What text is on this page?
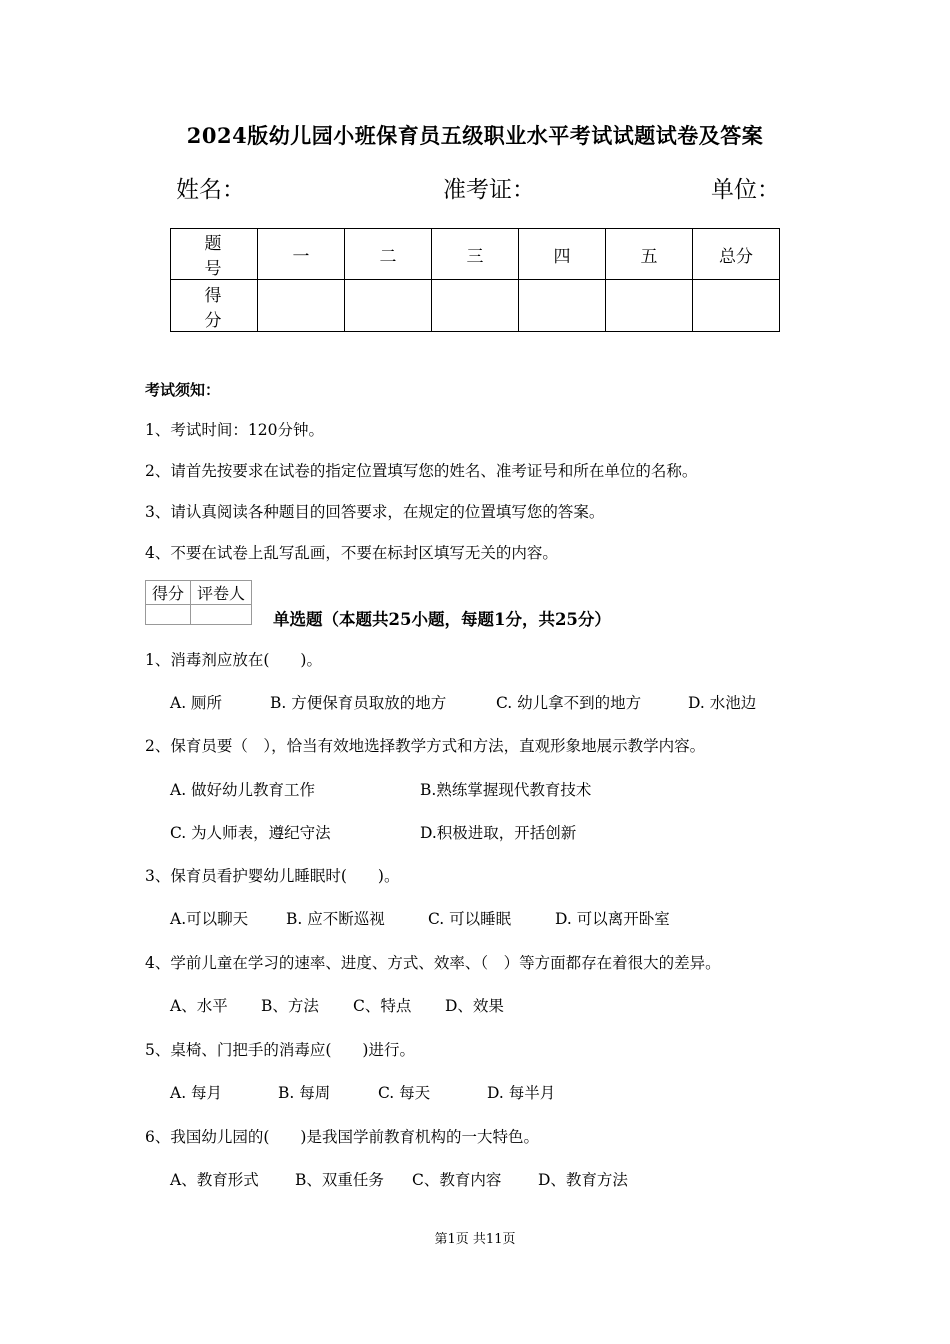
2024版幼儿园小班保育员五级职业水平考试试题试卷及答案
姓名：	准考证：	单位：
题　号	一	二	三	四	五	总分
得　分						
考试须知：
1、考试时间：120分钟。
2、请首先按要求在试卷的指定位置填写您的姓名、准考证号和所在单位的名称。
3、请认真阅读各种题目的回答要求，在规定的位置填写您的答案。
4、不要在试卷上乱写乱画，不要在标封区填写无关的内容。
得分	评卷人

单选题（本题共25小题，每题1分，共25分）
1、消毒剂应放在(　　)。
A. 厕所	B. 方便保育员取放的地方	C. 幼儿拿不到的地方	D. 水池边
2、保育员要（　），恰当有效地选择教学方式和方法，直观形象地展示教学内容。
A. 做好幼儿教育工作	B.熟练掌握现代教育技术
C. 为人师表，遵纪守法	D.积极进取，开括创新
3、保育员看护婴幼儿睡眠时(　　)。
A.可以聊天 B. 应不断巡视	C. 可以睡眠	D. 可以离开卧室
4、学前儿童在学习的速率、进度、方式、效率、（　）等方面都存在着很大的差异。
A、水平 B、方法 C、特点 D、效果
5、桌椅、门把手的消毒应(　　)进行。
A. 每月	B. 每周	C. 每天	D. 每半月
6、我国幼儿园的(　　)是我国学前教育机构的一大特色。
A、教育形式 B、双重任务 C、教育内容 D、教育方法
第1页 共11页
